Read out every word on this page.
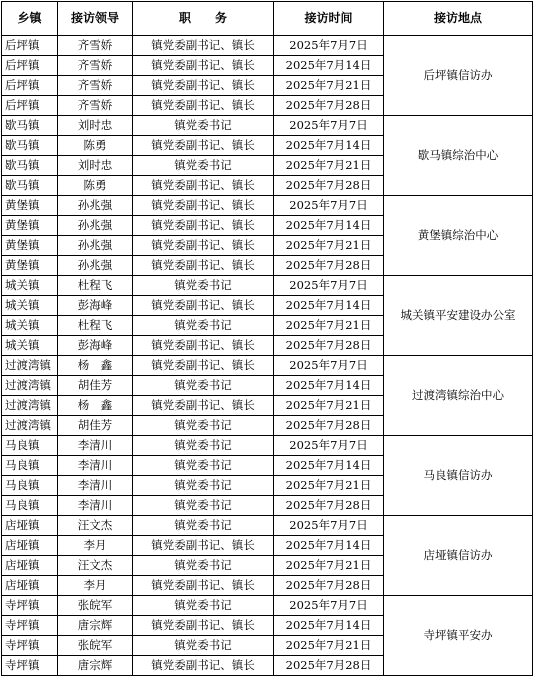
乡镇	接访领导	职　　务	接访时间	接访地点
后坪镇	齐雪娇	镇党委副书记、镇长	2025年7月7日	后坪镇信访办
后坪镇	齐雪娇	镇党委副书记、镇长	2025年7月14日	
后坪镇	齐雪娇	镇党委副书记、镇长	2025年7月21日	
后坪镇	齐雪娇	镇党委副书记、镇长	2025年7月28日	
歇马镇	刘时忠	镇党委书记	2025年7月7日	歇马镇综治中心
歇马镇	陈勇	镇党委副书记、镇长	2025年7月14日	
歇马镇	刘时忠	镇党委书记	2025年7月21日	
歇马镇	陈勇	镇党委副书记、镇长	2025年7月28日	
黄堡镇	孙兆强	镇党委副书记、镇长	2025年7月7日	黄堡镇综治中心
黄堡镇	孙兆强	镇党委副书记、镇长	2025年7月14日	
黄堡镇	孙兆强	镇党委副书记、镇长	2025年7月21日	
黄堡镇	孙兆强	镇党委副书记、镇长	2025年7月28日	
城关镇	杜程飞	镇党委书记	2025年7月7日	城关镇平安建设办公室
城关镇	彭海峰	镇党委副书记、镇长	2025年7月14日	
城关镇	杜程飞	镇党委书记	2025年7月21日	
城关镇	彭海峰	镇党委副书记、镇长	2025年7月28日	
过渡湾镇	杨　鑫	镇党委副书记、镇长	2025年7月7日	过渡湾镇综治中心
过渡湾镇	胡佳芳	镇党委书记	2025年7月14日	
过渡湾镇	杨　鑫	镇党委副书记、镇长	2025年7月21日	
过渡湾镇	胡佳芳	镇党委书记	2025年7月28日	
马良镇	李清川	镇党委书记	2025年7月7日	马良镇信访办
马良镇	李清川	镇党委书记	2025年7月14日	
马良镇	李清川	镇党委书记	2025年7月21日	
马良镇	李清川	镇党委书记	2025年7月28日	
店垭镇	汪文杰	镇党委书记	2025年7月7日	店垭镇信访办
店垭镇	李月	镇党委副书记、镇长	2025年7月14日	
店垭镇	汪文杰	镇党委书记	2025年7月21日	
店垭镇	李月	镇党委副书记、镇长	2025年7月28日	
寺坪镇	张皖军	镇党委书记	2025年7月7日	寺坪镇平安办
寺坪镇	唐宗辉	镇党委副书记、镇长	2025年7月14日	
寺坪镇	张皖军	镇党委书记	2025年7月21日	
寺坪镇	唐宗辉	镇党委副书记、镇长	2025年7月28日	
